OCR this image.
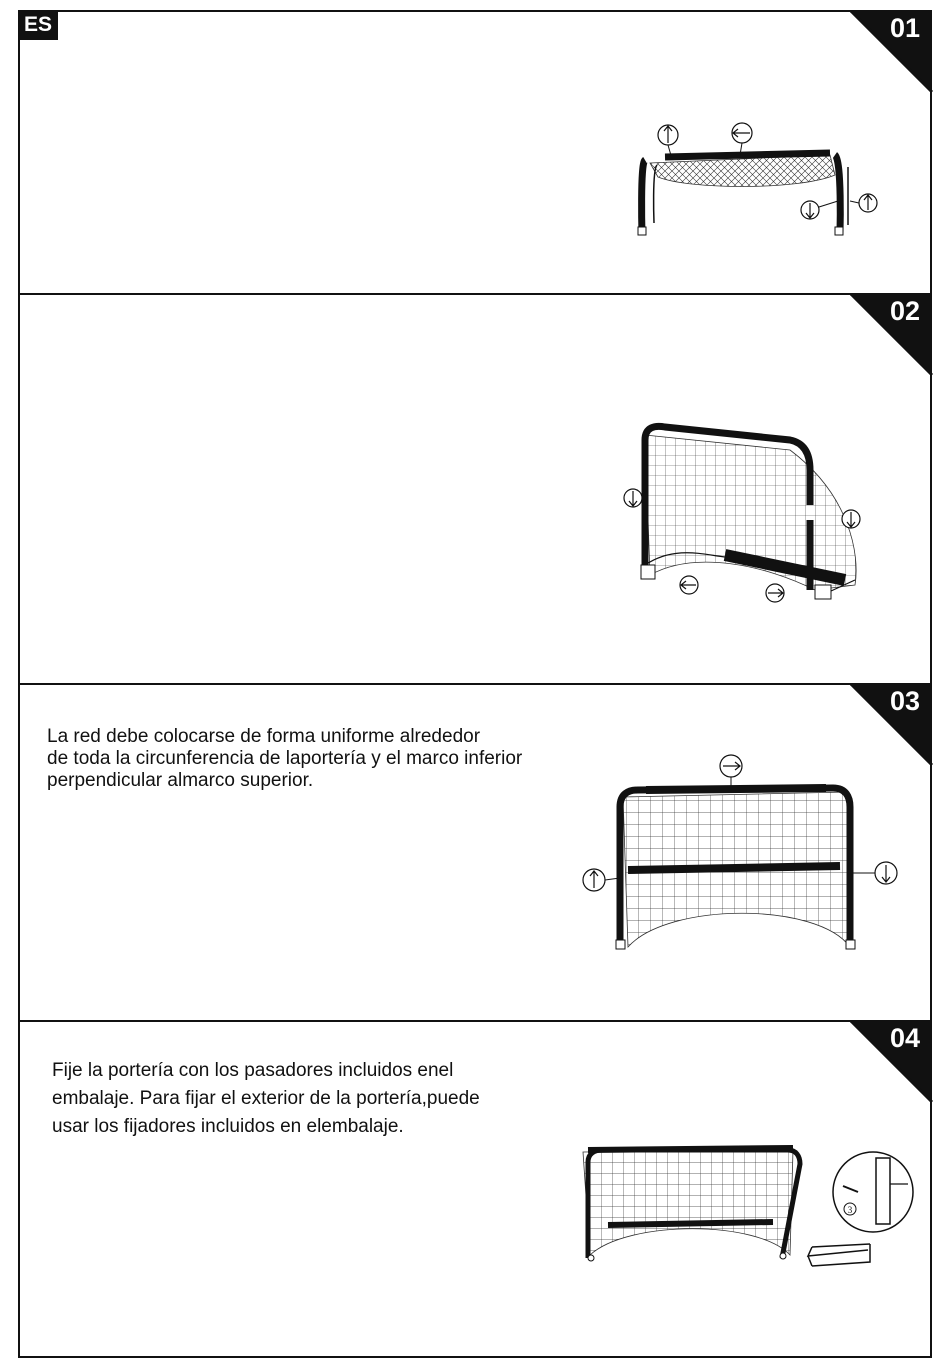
ES	01
02
03
04
La red debe colocarse de forma uniforme alrededor
de toda la circunferencia de laportería y el marco inferior
perpendicular almarco superior.
Fije la portería con los pasadores incluidos enel
embalaje. Para fijar el exterior de la portería,puede
usar los fijadores incluidos en elembalaje.
3
